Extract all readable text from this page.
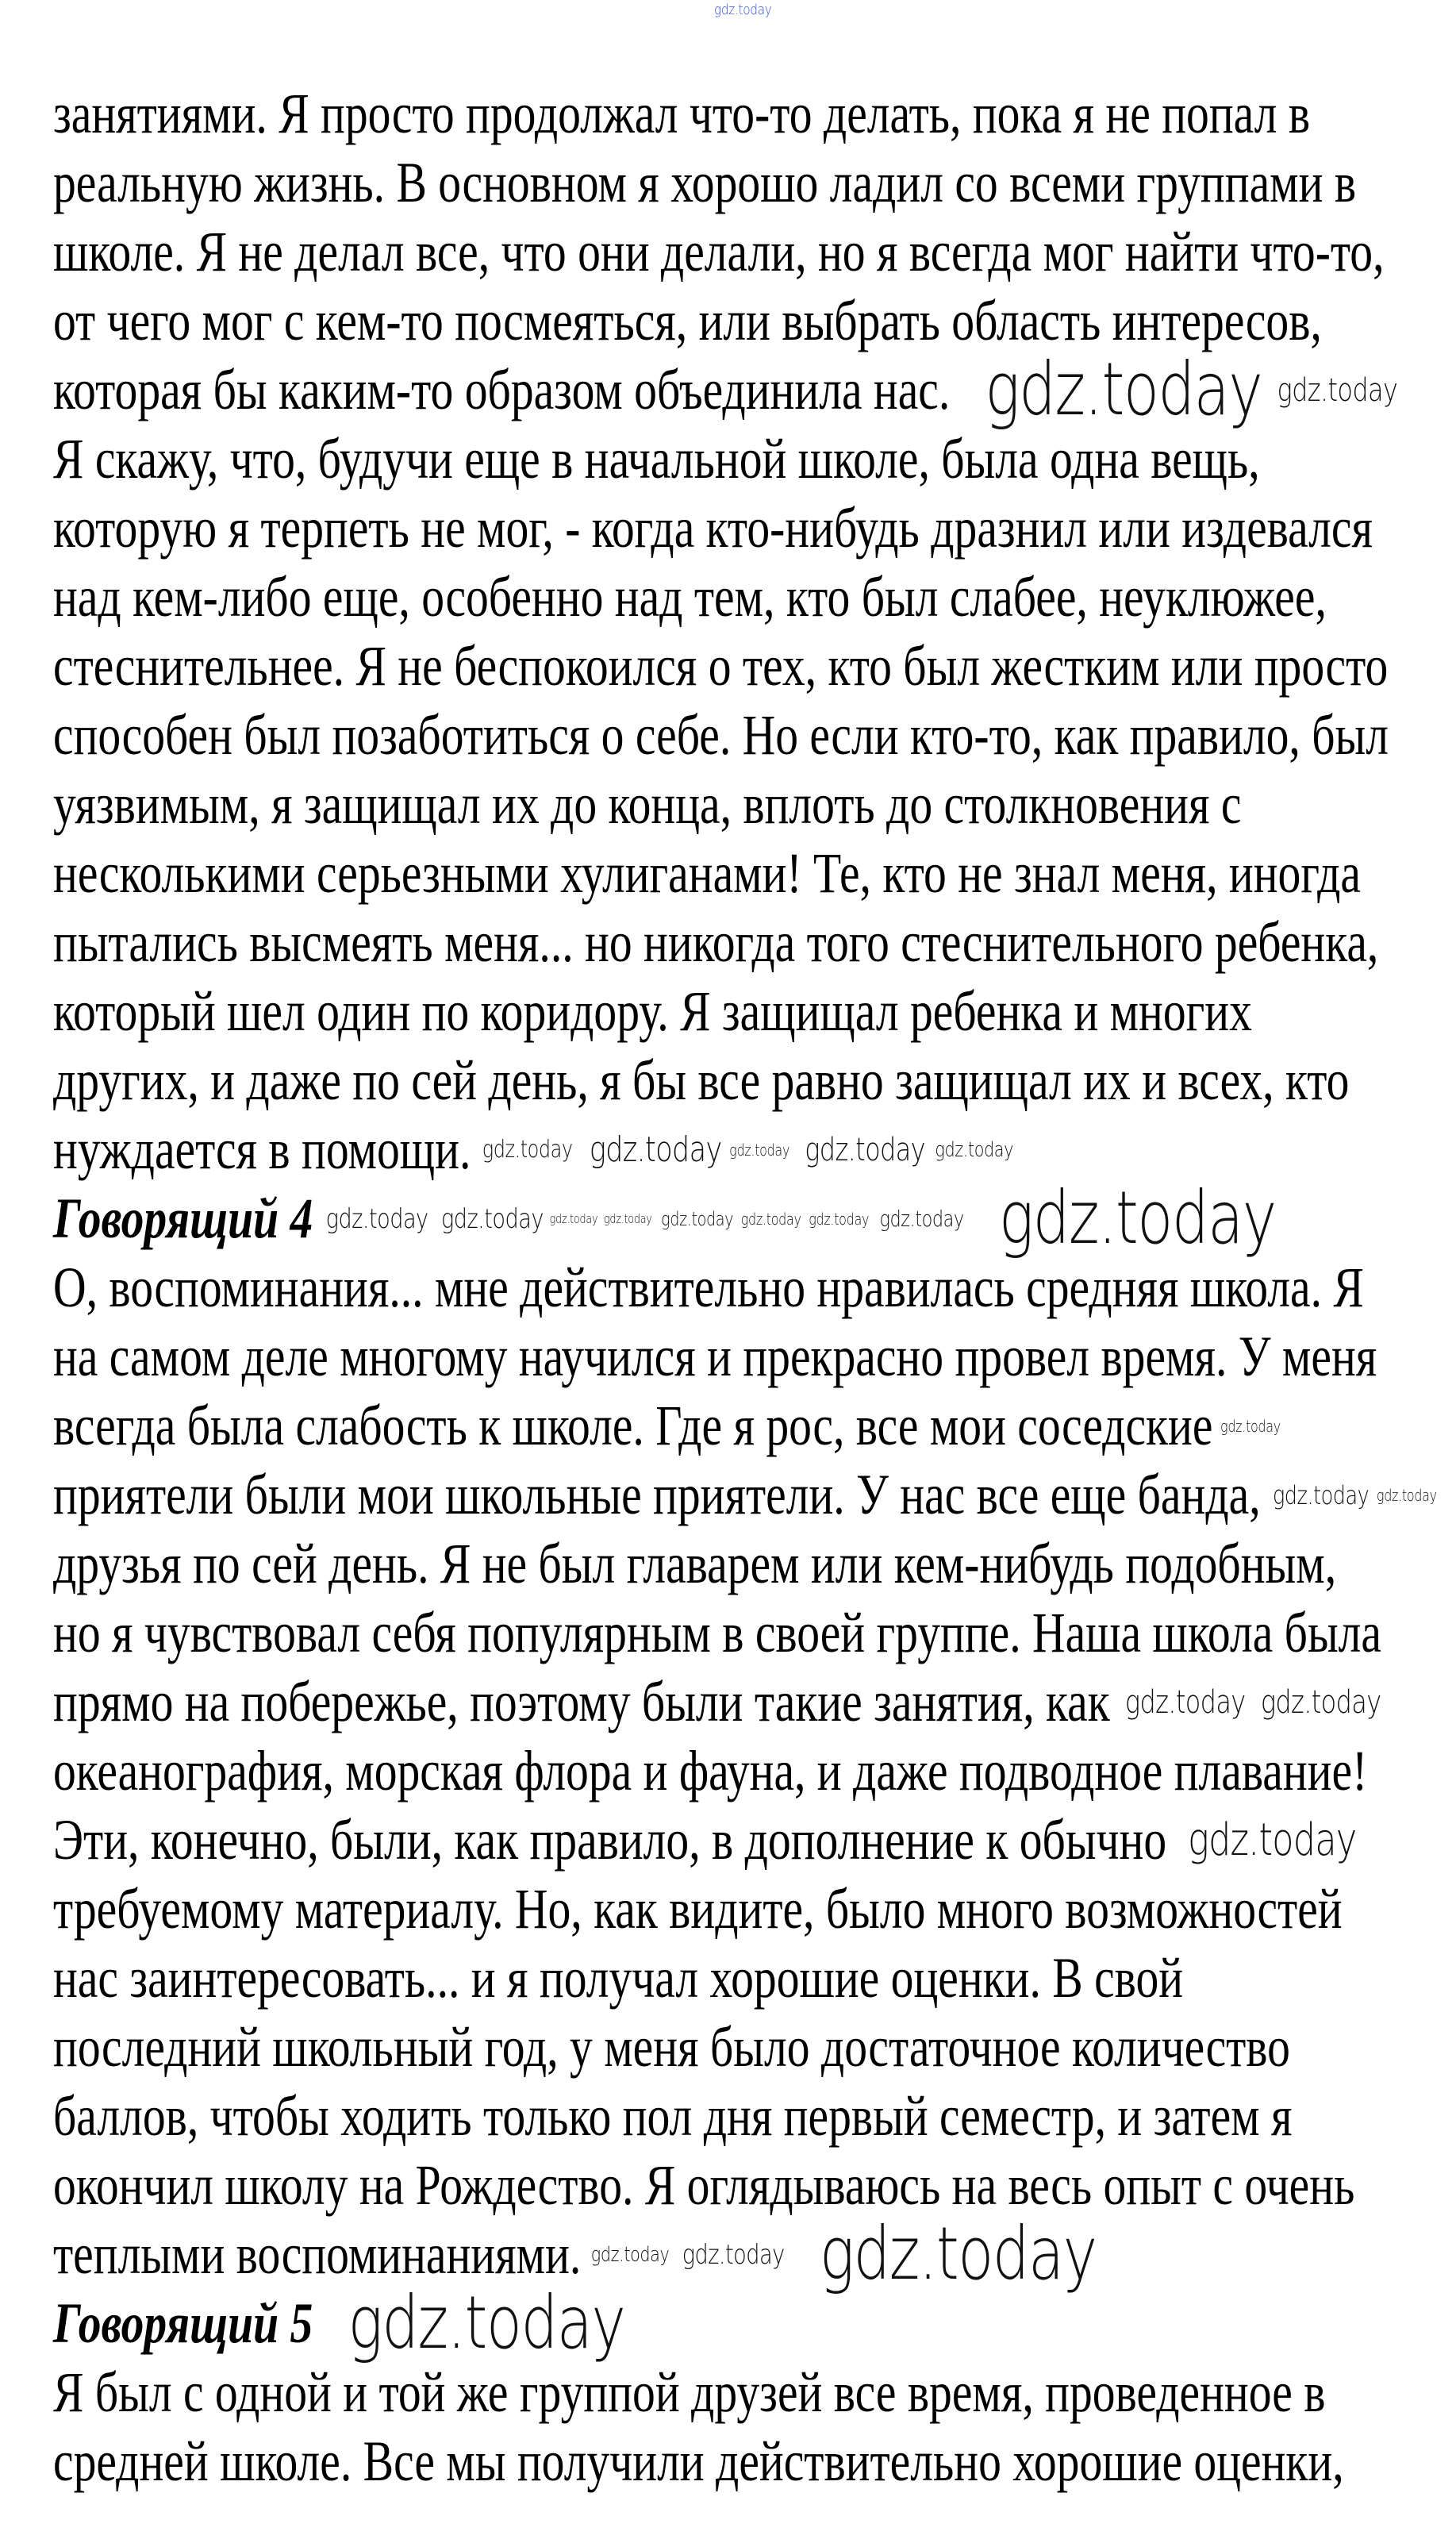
gdz.today
занятиями. Я просто продолжал что-то делать, пока я не попал в
реальную жизнь. В основном я хорошо ладил со всеми группами в
школе. Я не делал все, что они делали, но я всегда мог найти что-то,
от чего мог с кем-то посмеяться, или выбрать область интересов,
которая бы каким-то образом объединила нас. gdz.today gdz.today
Я скажу, что, будучи еще в начальной школе, была одна вещь,
которую я терпеть не мог, - когда кто-нибудь дразнил или издевался
над кем-либо еще, особенно над тем, кто был слабее, неуклюжее,
стеснительнее. Я не беспокоился о тех, кто был жестким или просто
способен был позаботиться о себе. Но если кто-то, как правило, был
уязвимым, я защищал их до конца, вплоть до столкновения с
несколькими серьезными хулиганами! Те, кто не знал меня, иногда
пытались высмеять меня... но никогда того стеснительного ребенка,
который шел один по коридору. Я защищал ребенка и многих
других, и даже по сей день, я бы все равно защищал их и всех, кто
нуждается в помощи. gdz.today gdz.today gdz.today gdz.today gdz.today
Говорящий 4 gdz.today gdz.today gdz.today gdz.today gdz.today gdz.today gdz.today gdz.today gdz.today
О, воспоминания... мне действительно нравилась средняя школа. Я
на самом деле многому научился и прекрасно провел время. У меня
всегда была слабость к школе. Где я рос, все мои соседские gdz.today
приятели были мои школьные приятели. У нас все еще банда, gdz.today gdz.today
друзья по сей день. Я не был главарем или кем-нибудь подобным,
но я чувствовал себя популярным в своей группе. Наша школа была
прямо на побережье, поэтому были такие занятия, как gdz.today gdz.today
океанография, морская флора и фауна, и даже подводное плавание!
Эти, конечно, были, как правило, в дополнение к обычно gdz.today
требуемому материалу. Но, как видите, было много возможностей
нас заинтересовать... и я получал хорошие оценки. В свой
последний школьный год, у меня было достаточное количество
баллов, чтобы ходить только пол дня первый семестр, и затем я
окончил школу на Рождество. Я оглядываюсь на весь опыт с очень
теплыми воспоминаниями. gdz.today gdz.today gdz.today
Говорящий 5 gdz.today
Я был с одной и той же группой друзей все время, проведенное в
средней школе. Все мы получили действительно хорошие оценки,
